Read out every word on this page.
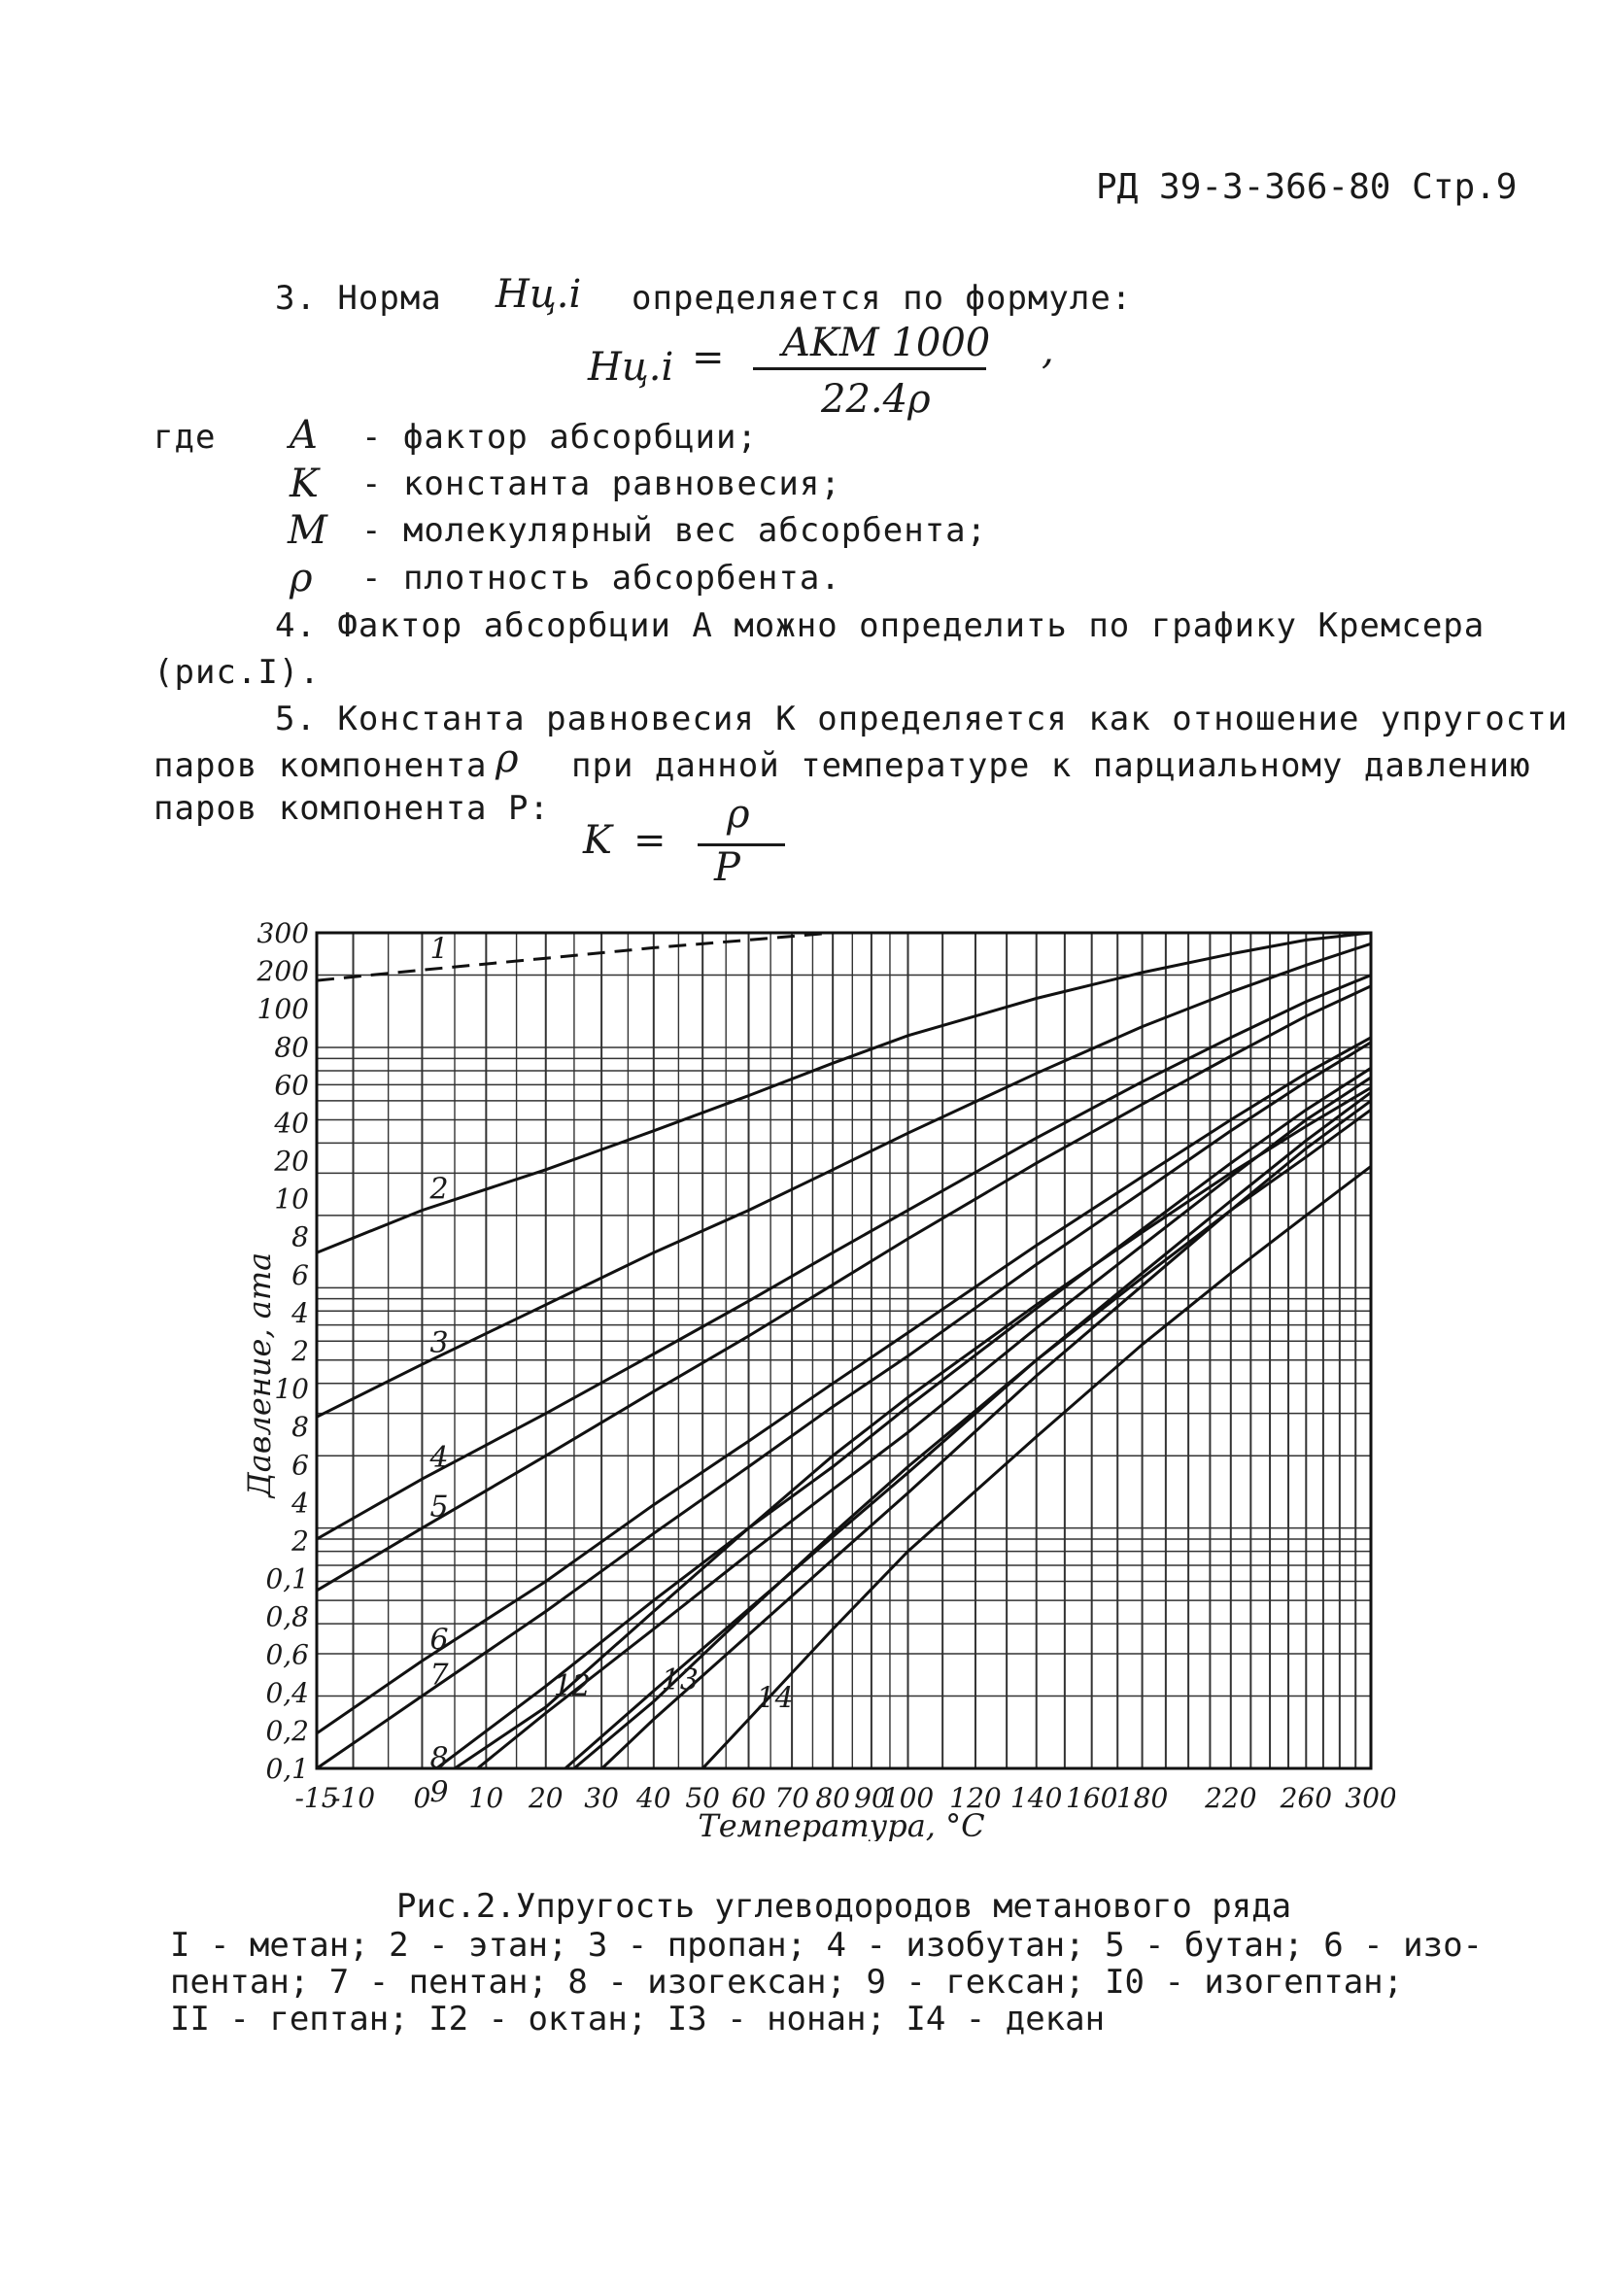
РД 39-3-366-80 Стр.9
3. Норма Hц.i определяется по формуле:
Hц.i = AKM 1000
22.4ρ
,
где A - фактор абсорбции;
K - константа равновесия;
M - молекулярный вес абсорбента;
ρ - плотность абсорбента.
4. Фактор абсорбции A можно определить по графику Кремсера
(рис.I).
5. Константа равновесия K определяется как отношение упругости
паров компонента ρ при данной температуре к парциальному давлению
паров компонента P:
K =
ρ
P
300
200
100
80
60
40
20
10
8
6
4
2
10
8
6
4
2
0,1
0,8
0,6
0,4
0,2
0,1
-15
-10 0 10 20 30 40 50 60 70 80 90
100 120 140 160
180 220 260 300
1
2
3
4
5
6
7
8
9
12 13
14
Давление, ата
Температура, °C
Рис.2.Упругость углеводородов метанового ряда
I - метан; 2 - этан; 3 - пропан; 4 - изобутан; 5 - бутан; 6 - изо-
пентан; 7 - пентан; 8 - изогексан; 9 - гексан; I0 - изогептан;
II - гептан; I2 - октан; I3 - нонан; I4 - декан
